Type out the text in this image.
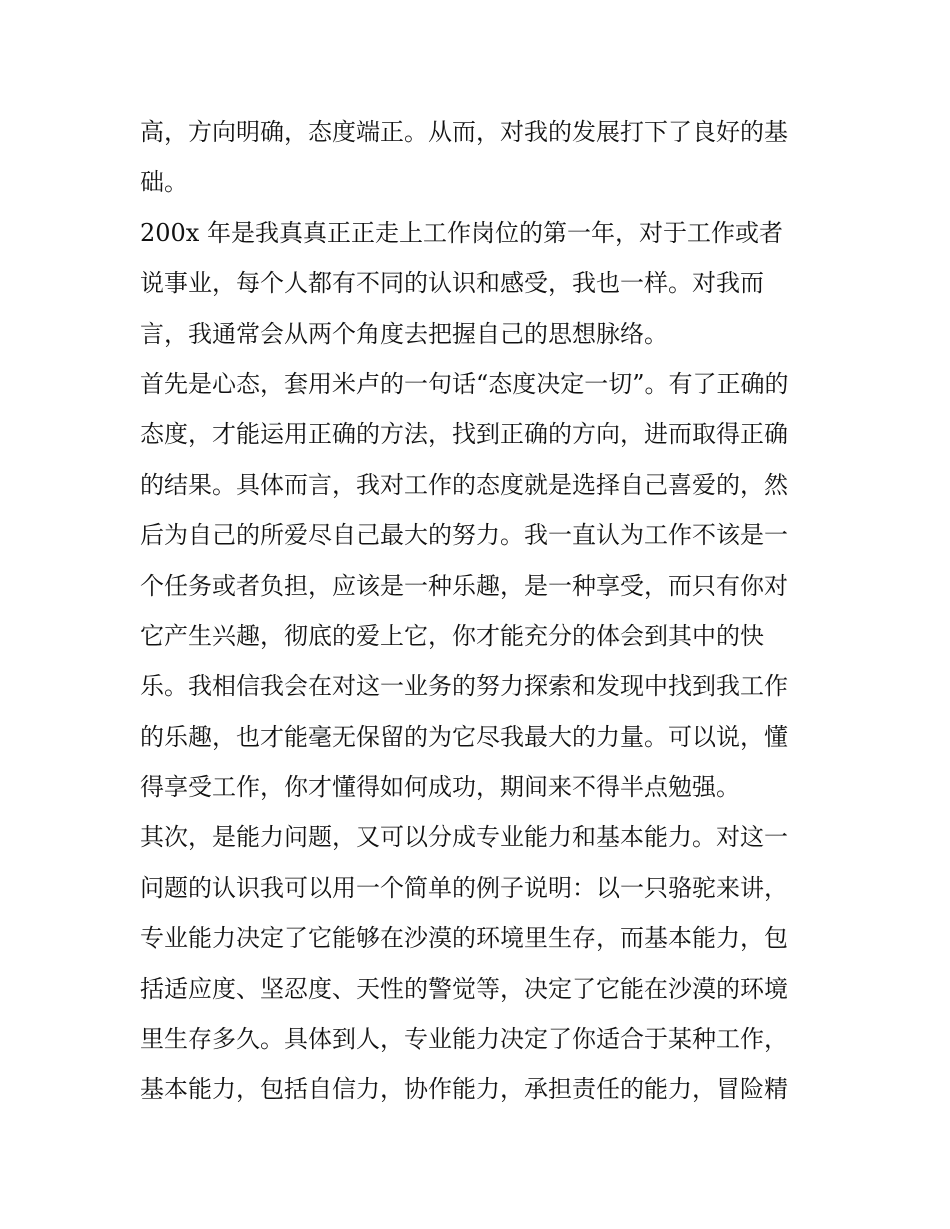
高，方向明确，态度端正。从而，对我的发展打下了良好的基
础。
200x 年是我真真正正走上工作岗位的第一年，对于工作或者
说事业，每个人都有不同的认识和感受，我也一样。对我而
言，我通常会从两个角度去把握自己的思想脉络。
首先是心态，套用米卢的一句话“态度决定一切”。有了正确的
态度，才能运用正确的方法，找到正确的方向，进而取得正确
的结果。具体而言，我对工作的态度就是选择自己喜爱的，然
后为自己的所爱尽自己最大的努力。我一直认为工作不该是一
个任务或者负担，应该是一种乐趣，是一种享受，而只有你对
它产生兴趣，彻底的爱上它，你才能充分的体会到其中的快
乐。我相信我会在对这一业务的努力探索和发现中找到我工作
的乐趣，也才能毫无保留的为它尽我最大的力量。可以说，懂
得享受工作，你才懂得如何成功，期间来不得半点勉强。
其次，是能力问题，又可以分成专业能力和基本能力。对这一
问题的认识我可以用一个简单的例子说明：以一只骆驼来讲，
专业能力决定了它能够在沙漠的环境里生存，而基本能力，包
括适应度、坚忍度、天性的警觉等，决定了它能在沙漠的环境
里生存多久。具体到人，专业能力决定了你适合于某种工作，
基本能力，包括自信力，协作能力，承担责任的能力，冒险精
